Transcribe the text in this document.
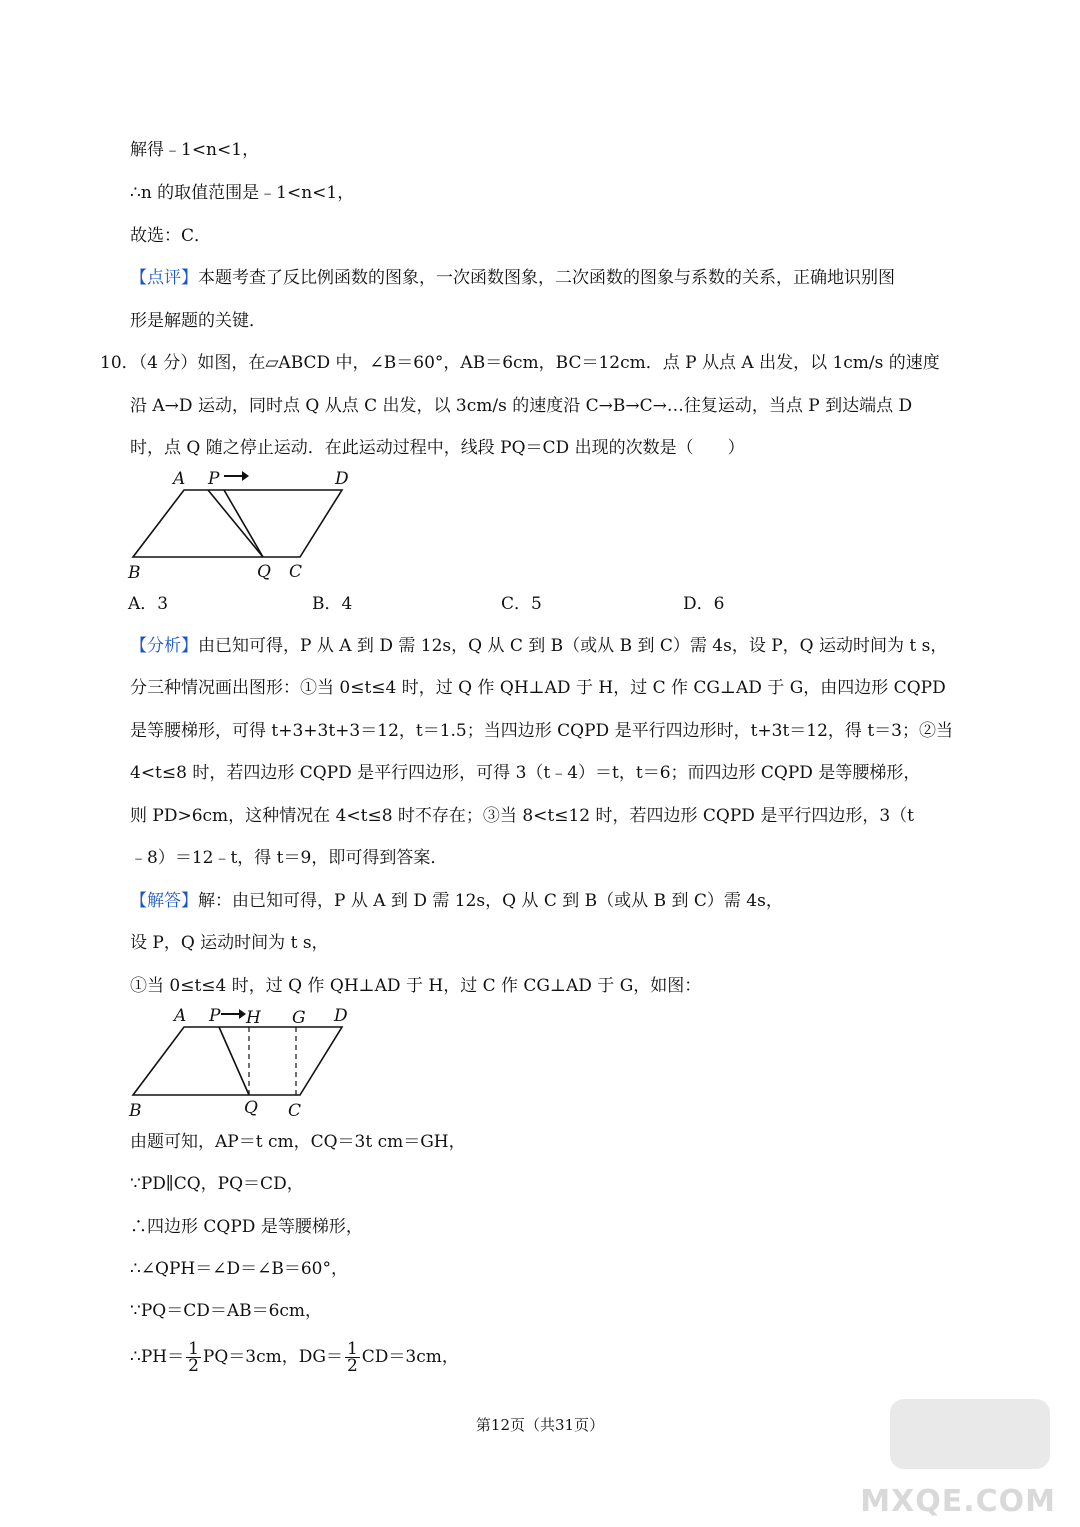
解得﹣1<n<1，
∴n 的取值范围是﹣1<n<1，
故选：C．
【点评】本题考查了反比例函数的图象，一次函数图象，二次函数的图象与系数的关系，正确地识别图
形是解题的关键．
10．（4 分）如图，在▱ABCD 中，∠B＝60°，AB＝6cm，BC＝12cm．点 P 从点 A 出发，以 1cm/s 的速度
沿 A→D 运动，同时点 Q 从点 C 出发，以 3cm/s 的速度沿 C→B→C→…往复运动，当点 P 到达端点 D
时，点 Q 随之停止运动．在此运动过程中，线段 PQ＝CD 出现的次数是（　　）
A P	D
B	Q C
A．3	B．4	C．5	D．6
【分析】由已知可得，P 从 A 到 D 需 12s，Q 从 C 到 B（或从 B 到 C）需 4s，设 P，Q 运动时间为 t s，
分三种情况画出图形：①当 0≤t≤4 时，过 Q 作 QH⊥AD 于 H，过 C 作 CG⊥AD 于 G，由四边形 CQPD
是等腰梯形，可得 t+3+3t+3＝12，t＝1.5；当四边形 CQPD 是平行四边形时，t+3t＝12，得 t＝3；②当
4<t≤8 时，若四边形 CQPD 是平行四边形，可得 3（t﹣4）＝t，t＝6；而四边形 CQPD 是等腰梯形，
则 PD>6cm，这种情况在 4<t≤8 时不存在；③当 8<t≤12 时，若四边形 CQPD 是平行四边形，3（t
﹣8）＝12﹣t，得 t＝9，即可得到答案．
【解答】解：由已知可得，P 从 A 到 D 需 12s，Q 从 C 到 B（或从 B 到 C）需 4s，
设 P，Q 运动时间为 t s，
①当 0≤t≤4 时，过 Q 作 QH⊥AD 于 H，过 C 作 CG⊥AD 于 G，如图：
A P H G D
B	Q C
由题可知，AP＝t cm，CQ＝3t cm＝GH，
∵PD∥CQ，PQ＝CD，
∴四边形 CQPD 是等腰梯形，
∴∠QPH＝∠D＝∠B＝60°，
∵PQ＝CD＝AB＝6cm，
∴PH＝ $\frac{1}{2} PQ=3cm$，$DG= \frac{1}{2} CD=3cm$，
第12页（共31页）
MXQE.COM
